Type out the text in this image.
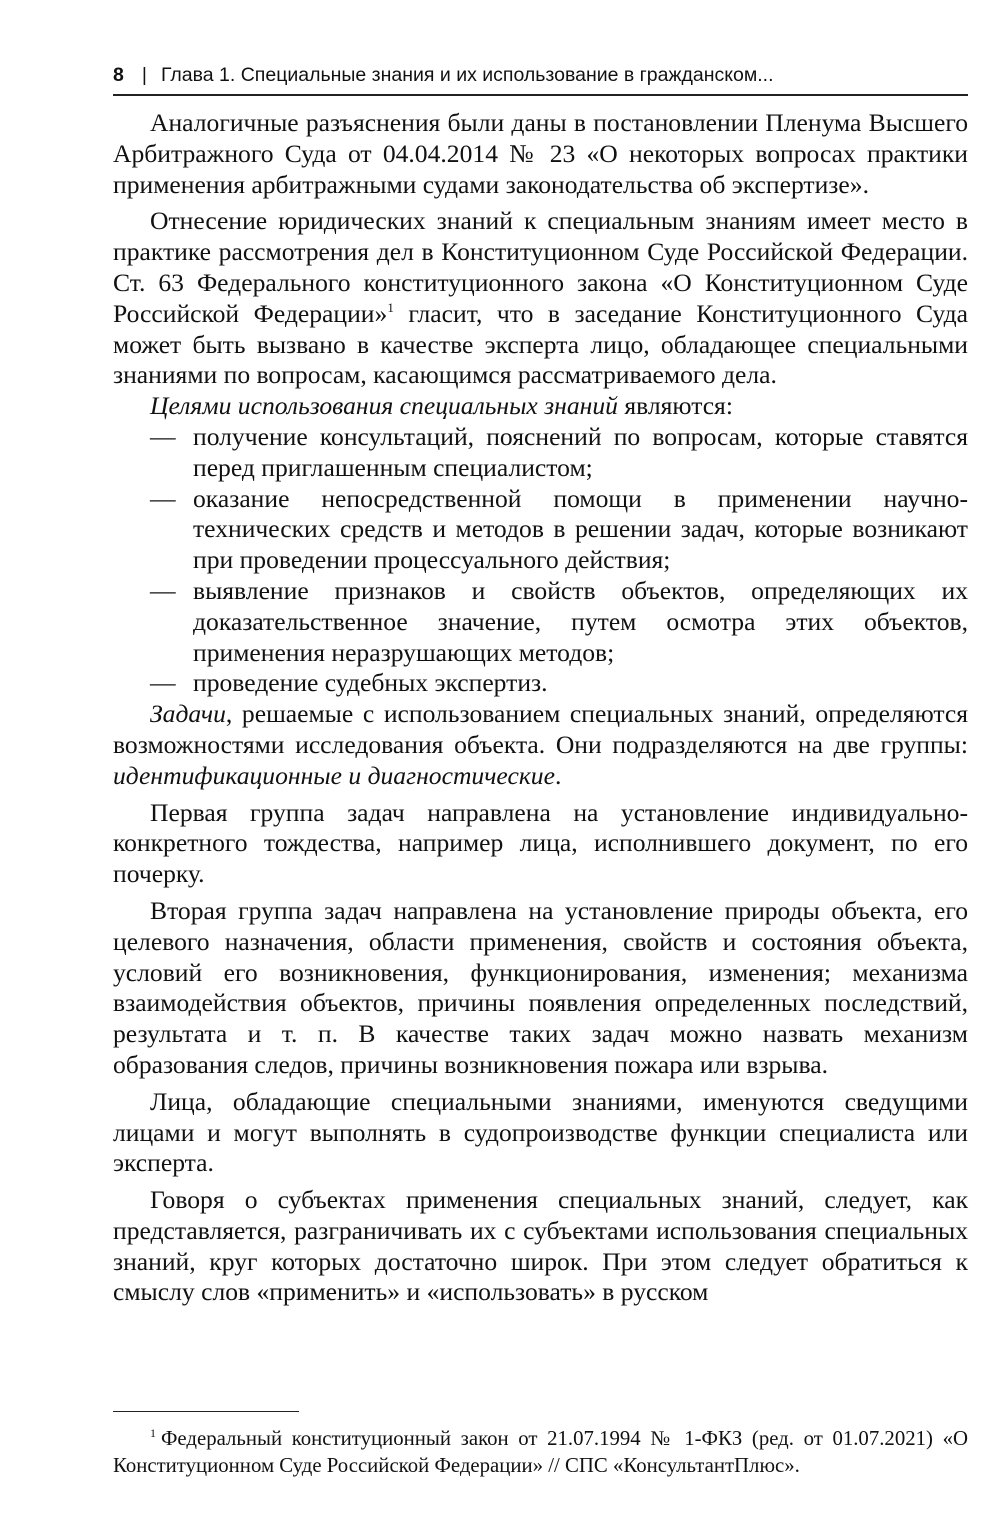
8 | Глава 1. Специальные знания и их использование в гражданском...

Аналогичные разъяснения были даны в постановлении Пленума Высшего Арбитражного Суда от 04.04.2014 № 23 «О некоторых вопросах практики применения арбитражными судами законодательства об экспертизе».

Отнесение юридических знаний к специальным знаниям имеет место в практике рассмотрения дел в Конституционном Суде Российской Федерации. Ст. 63 Федерального конституционного закона «О Конституционном Суде Российской Федерации»$^1$ гласит, что в заседание Конституционного Суда может быть вызвано в качестве эксперта лицо, обладающее специальными знаниями по вопросам, касающимся рассматриваемого дела.

Целями использования специальных знаний являются:

— получение консультаций, пояснений по вопросам, которые ставятся перед приглашенным специалистом;
— оказание непосредственной помощи в применении научно-технических средств и методов в решении задач, которые возникают при проведении процессуального действия;
— выявление признаков и свойств объектов, определяющих их доказательственное значение, путем осмотра этих объектов, применения неразрушающих методов;
— проведение судебных экспертиз.

Задачи, решаемые с использованием специальных знаний, определяются возможностями исследования объекта. Они подразделяются на две группы: идентификационные и диагностические.

Первая группа задач направлена на установление индивидуально-конкретного тождества, например лица, исполнившего документ, по его почерку.

Вторая группа задач направлена на установление природы объекта, его целевого назначения, области применения, свойств и состояния объекта, условий его возникновения, функционирования, изменения; механизма взаимодействия объектов, причины появления определенных последствий, результата и т. п. В качестве таких задач можно назвать механизм образования следов, причины возникновения пожара или взрыва.

Лица, обладающие специальными знаниями, именуются сведущими лицами и могут выполнять в судопроизводстве функции специалиста или эксперта.

Говоря о субъектах применения специальных знаний, следует, как представляется, разграничивать их с субъектами использования специальных знаний, круг которых достаточно широк. При этом следует обратиться к смыслу слов «применить» и «использовать» в русском

$^1$ Федеральный конституционный закон от 21.07.1994 № 1-ФКЗ (ред. от 01.07.2021) «О Конституционном Суде Российской Федерации» // СПС «КонсультантПлюс».
